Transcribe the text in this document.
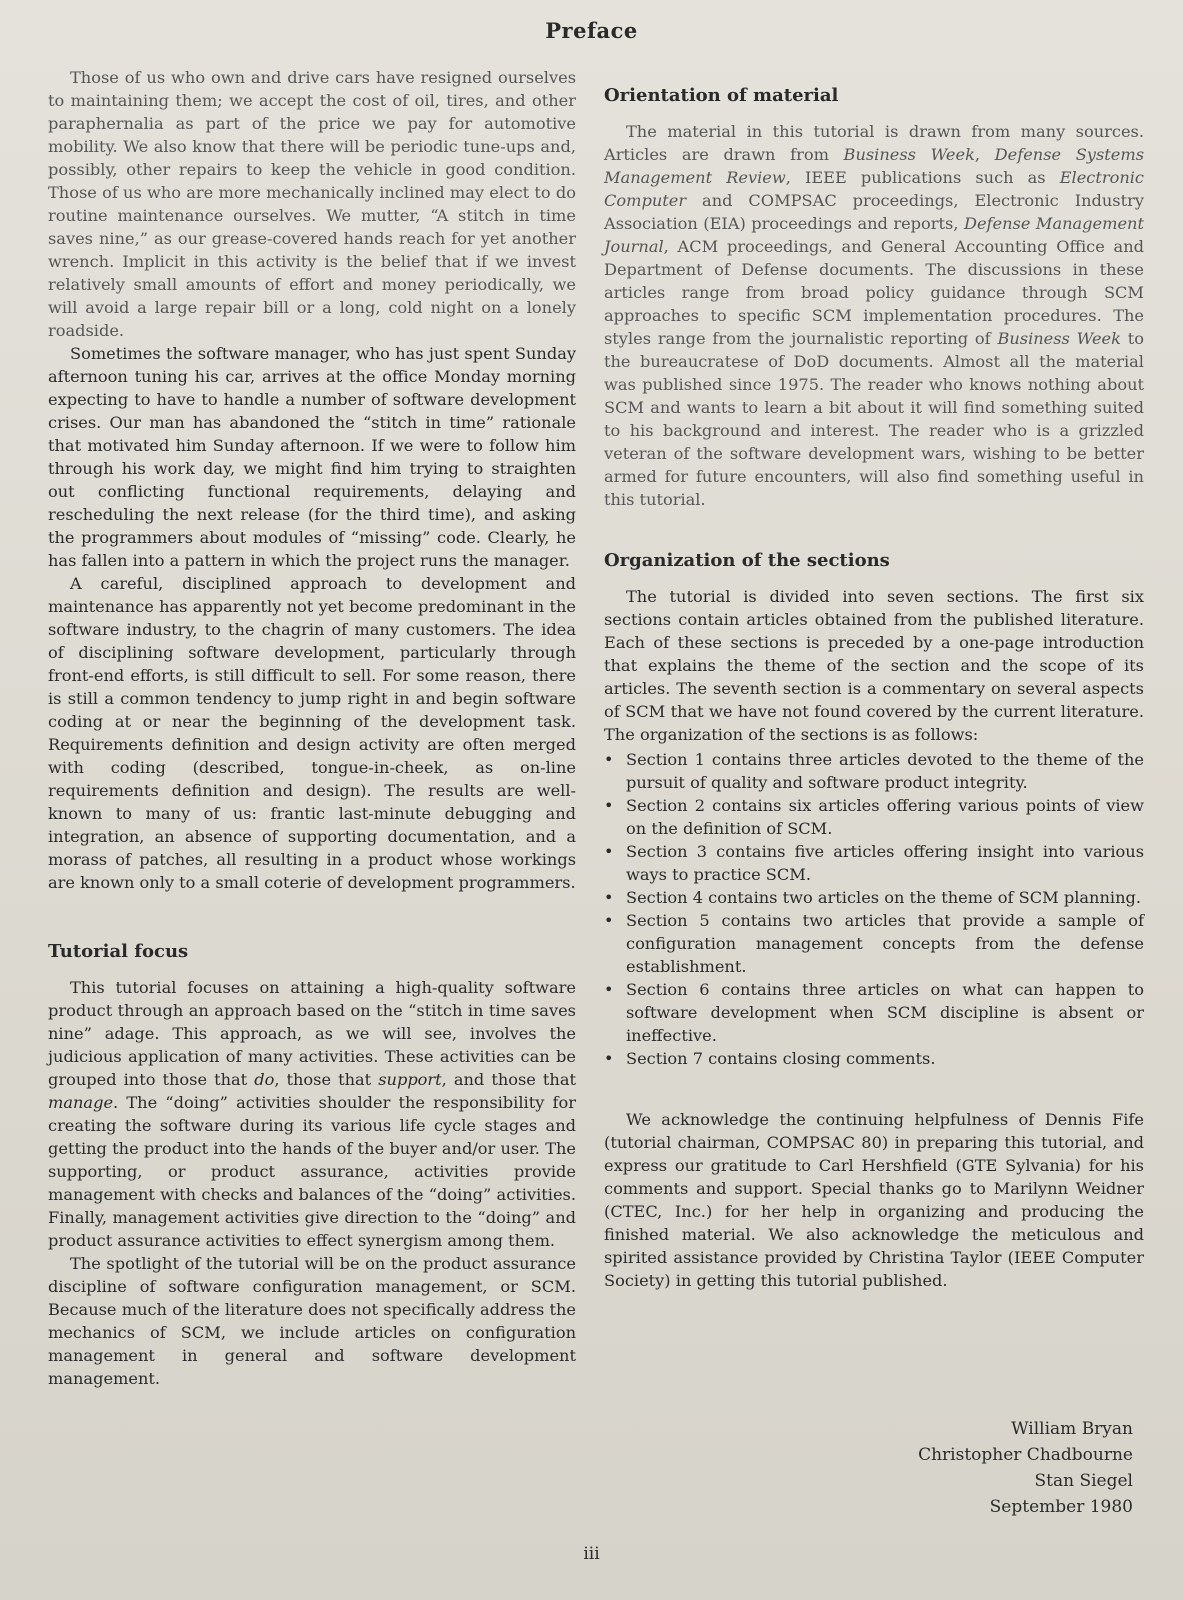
Preface

Those of us who own and drive cars have resigned ourselves to maintaining them; we accept the cost of oil, tires, and other paraphernalia as part of the price we pay for automotive mobility. We also know that there will be periodic tune-ups and, possibly, other repairs to keep the vehicle in good condition. Those of us who are more mechanically inclined may elect to do routine maintenance ourselves. We mutter, “A stitch in time saves nine,” as our grease-covered hands reach for yet another wrench. Implicit in this activity is the belief that if we invest relatively small amounts of effort and money periodically, we will avoid a large repair bill or a long, cold night on a lonely roadside.

Sometimes the software manager, who has just spent Sunday afternoon tuning his car, arrives at the office Monday morning expecting to have to handle a number of software development crises. Our man has abandoned the “stitch in time” rationale that motivated him Sunday afternoon. If we were to follow him through his work day, we might find him trying to straighten out conflicting functional requirements, delaying and rescheduling the next release (for the third time), and asking the programmers about modules of “missing” code. Clearly, he has fallen into a pattern in which the project runs the manager.

A careful, disciplined approach to development and maintenance has apparently not yet become predominant in the software industry, to the chagrin of many customers. The idea of disciplining software development, particularly through front-end efforts, is still difficult to sell. For some reason, there is still a common tendency to jump right in and begin software coding at or near the beginning of the development task. Requirements definition and design activity are often merged with coding (described, tongue-in-cheek, as on-line requirements definition and design). The results are well-known to many of us: frantic last-minute debugging and integration, an absence of supporting documentation, and a morass of patches, all resulting in a product whose workings are known only to a small coterie of development programmers.

Tutorial focus

This tutorial focuses on attaining a high-quality software product through an approach based on the “stitch in time saves nine” adage. This approach, as we will see, involves the judicious application of many activities. These activities can be grouped into those that do, those that support, and those that manage. The “doing” activities shoulder the responsibility for creating the software during its various life cycle stages and getting the product into the hands of the buyer and/or user. The supporting, or product assurance, activities provide management with checks and balances of the “doing” activities. Finally, management activities give direction to the “doing” and product assurance activities to effect synergism among them.

The spotlight of the tutorial will be on the product assurance discipline of software configuration management, or SCM. Because much of the literature does not specifically address the mechanics of SCM, we include articles on configuration management in general and software development management.

Orientation of material

The material in this tutorial is drawn from many sources. Articles are drawn from Business Week, Defense Systems Management Review, IEEE publications such as Electronic Computer and COMPSAC proceedings, Electronic Industry Association (EIA) proceedings and reports, Defense Management Journal, ACM proceedings, and General Accounting Office and Department of Defense documents. The discussions in these articles range from broad policy guidance through SCM approaches to specific SCM implementation procedures. The styles range from the journalistic reporting of Business Week to the bureaucratese of DoD documents. Almost all the material was published since 1975. The reader who knows nothing about SCM and wants to learn a bit about it will find something suited to his background and interest. The reader who is a grizzled veteran of the software development wars, wishing to be better armed for future encounters, will also find something useful in this tutorial.

Organization of the sections

The tutorial is divided into seven sections. The first six sections contain articles obtained from the published literature. Each of these sections is preceded by a one-page introduction that explains the theme of the section and the scope of its articles. The seventh section is a commentary on several aspects of SCM that we have not found covered by the current literature. The organization of the sections is as follows:

• Section 1 contains three articles devoted to the theme of the pursuit of quality and software product integrity.
• Section 2 contains six articles offering various points of view on the definition of SCM.
• Section 3 contains five articles offering insight into various ways to practice SCM.
• Section 4 contains two articles on the theme of SCM planning.
• Section 5 contains two articles that provide a sample of configuration management concepts from the defense establishment.
• Section 6 contains three articles on what can happen to software development when SCM discipline is absent or ineffective.
• Section 7 contains closing comments.

We acknowledge the continuing helpfulness of Dennis Fife (tutorial chairman, COMPSAC 80) in preparing this tutorial, and express our gratitude to Carl Hershfield (GTE Sylvania) for his comments and support. Special thanks go to Marilynn Weidner (CTEC, Inc.) for her help in organizing and producing the finished material. We also acknowledge the meticulous and spirited assistance provided by Christina Taylor (IEEE Computer Society) in getting this tutorial published.

William Bryan
Christopher Chadbourne
Stan Siegel
September 1980
iii
